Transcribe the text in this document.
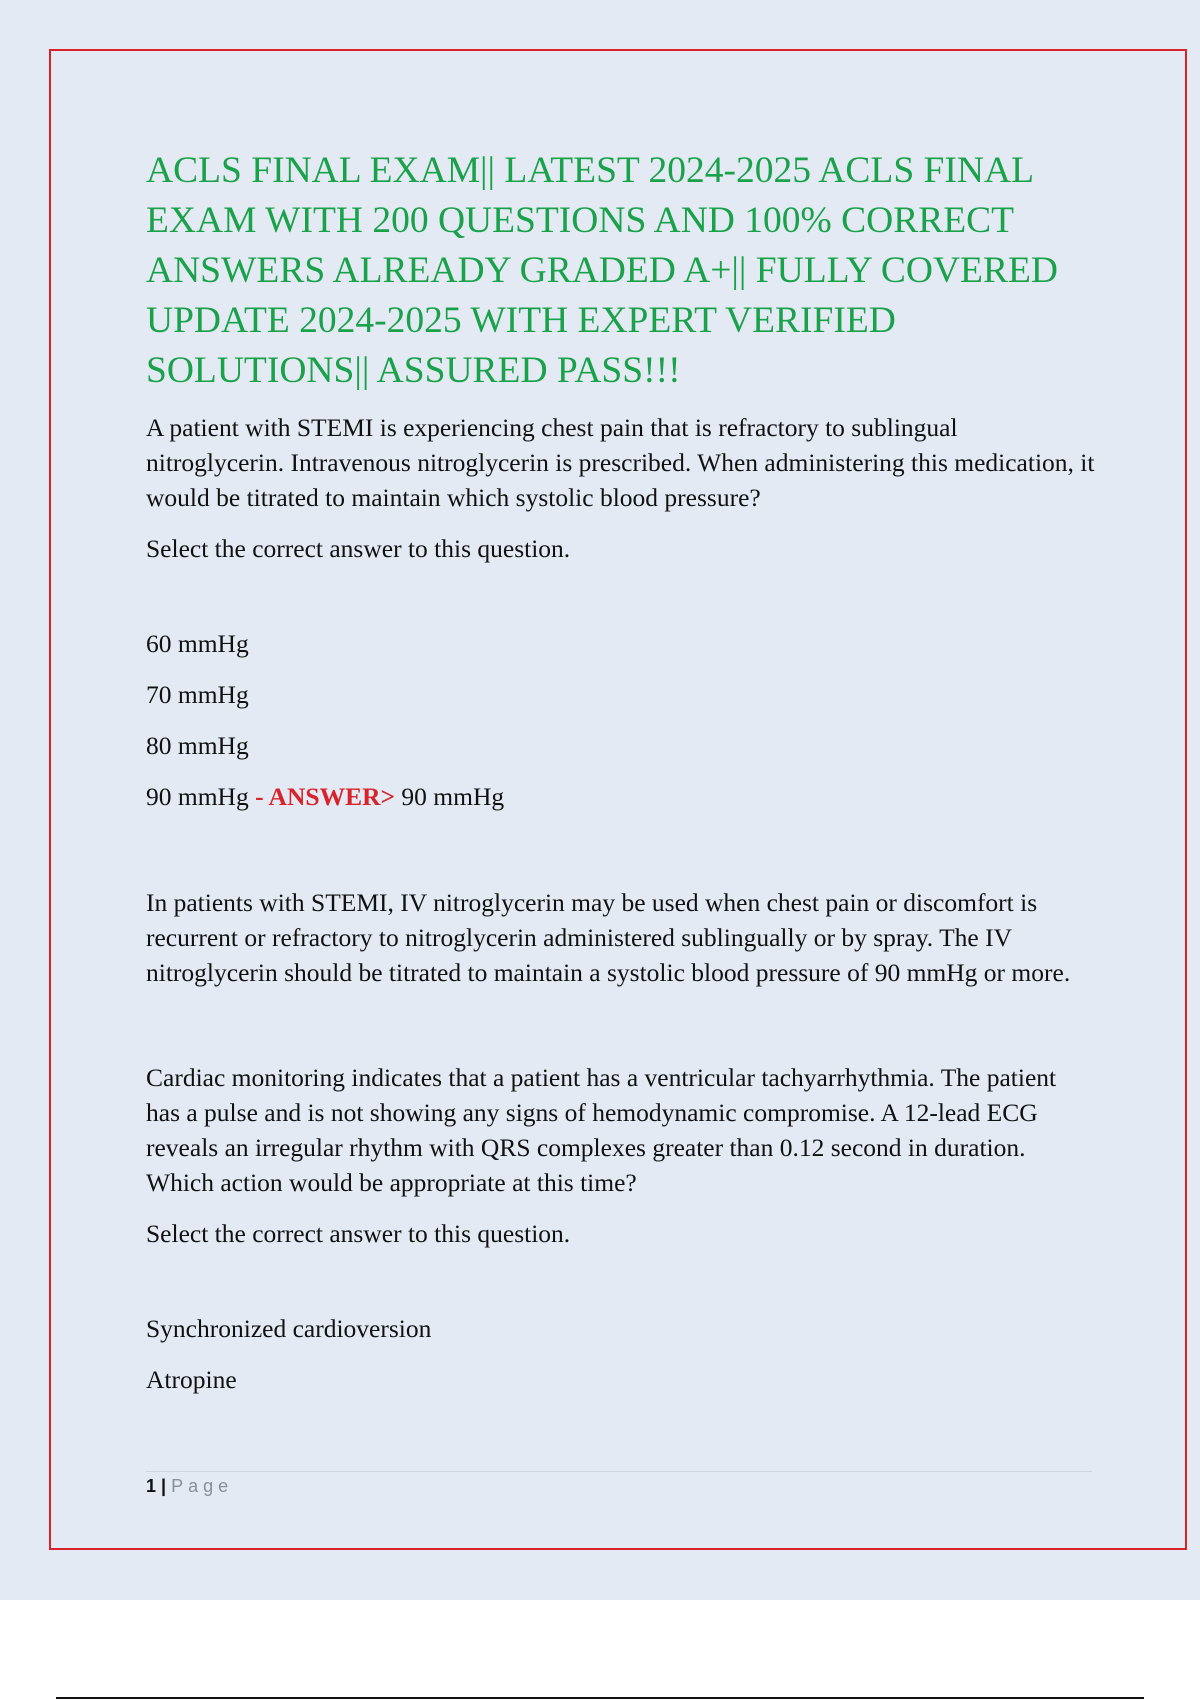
ACLS FINAL EXAM|| LATEST 2024-2025 ACLS FINAL EXAM WITH 200 QUESTIONS AND 100% CORRECT ANSWERS ALREADY GRADED A+|| FULLY COVERED UPDATE 2024-2025 WITH EXPERT VERIFIED SOLUTIONS|| ASSURED PASS!!!

A patient with STEMI is experiencing chest pain that is refractory to sublingual nitroglycerin. Intravenous nitroglycerin is prescribed. When administering this medication, it would be titrated to maintain which systolic blood pressure?

Select the correct answer to this question.

60 mmHg

70 mmHg

80 mmHg

90 mmHg - ANSWER> 90 mmHg

In patients with STEMI, IV nitroglycerin may be used when chest pain or discomfort is recurrent or refractory to nitroglycerin administered sublingually or by spray. The IV nitroglycerin should be titrated to maintain a systolic blood pressure of 90 mmHg or more.

Cardiac monitoring indicates that a patient has a ventricular tachyarrhythmia. The patient has a pulse and is not showing any signs of hemodynamic compromise. A 12-lead ECG reveals an irregular rhythm with QRS complexes greater than 0.12 second in duration. Which action would be appropriate at this time?

Select the correct answer to this question.

Synchronized cardioversion

Atropine

1 | Page
